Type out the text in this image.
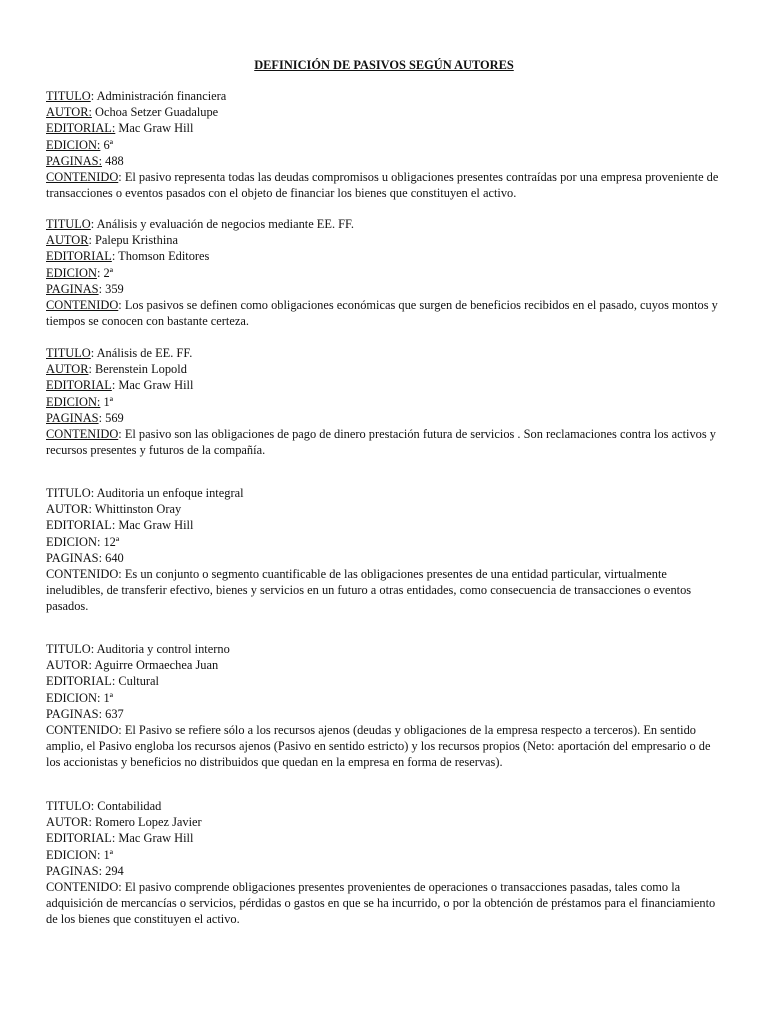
DEFINICIÓN DE PASIVOS SEGÚN AUTORES
TITULO: Administración financiera
AUTOR: Ochoa Setzer Guadalupe
EDITORIAL: Mac Graw Hill
EDICION: 6ª
PAGINAS: 488
CONTENIDO: El pasivo representa todas las deudas compromisos u obligaciones presentes contraídas por una empresa proveniente de transacciones o eventos pasados con el objeto de financiar los bienes que constituyen el activo.
TITULO: Análisis y evaluación de negocios mediante EE. FF.
AUTOR: Palepu Kristhina
EDITORIAL: Thomson Editores
EDICION: 2ª
PAGINAS: 359
CONTENIDO: Los pasivos se definen como obligaciones económicas que surgen de beneficios recibidos en el pasado, cuyos montos y tiempos se conocen con bastante certeza.
TITULO: Análisis de EE. FF.
AUTOR: Berenstein Lopold
EDITORIAL: Mac Graw Hill
EDICION: 1ª
PAGINAS: 569
CONTENIDO: El pasivo son las obligaciones de pago de dinero prestación futura de servicios . Son reclamaciones contra los activos y recursos presentes y futuros de la compañía.
TITULO: Auditoria un enfoque integral
AUTOR: Whittinston Oray
EDITORIAL: Mac Graw Hill
EDICION: 12ª
PAGINAS: 640
CONTENIDO: Es un conjunto o segmento cuantificable de las obligaciones presentes de una entidad particular, virtualmente ineludibles, de transferir efectivo, bienes y servicios en un futuro a otras entidades, como consecuencia de transacciones o eventos pasados.
TITULO: Auditoria y control interno
AUTOR: Aguirre Ormaechea Juan
EDITORIAL: Cultural
EDICION: 1ª
PAGINAS: 637
CONTENIDO: El Pasivo se refiere sólo a los recursos ajenos (deudas y obligaciones de la empresa respecto a terceros). En sentido amplio, el Pasivo engloba los recursos ajenos (Pasivo en sentido estricto) y los recursos propios (Neto: aportación del empresario o de los accionistas y beneficios no distribuidos que quedan en la empresa en forma de reservas).
TITULO: Contabilidad
AUTOR: Romero Lopez Javier
EDITORIAL: Mac Graw Hill
EDICION: 1ª
PAGINAS: 294
CONTENIDO: El pasivo comprende obligaciones presentes provenientes de operaciones o transacciones pasadas, tales como la adquisición de mercancías o servicios, pérdidas o gastos en que se ha incurrido, o por la obtención de préstamos para el financiamiento de los bienes que constituyen el activo.
